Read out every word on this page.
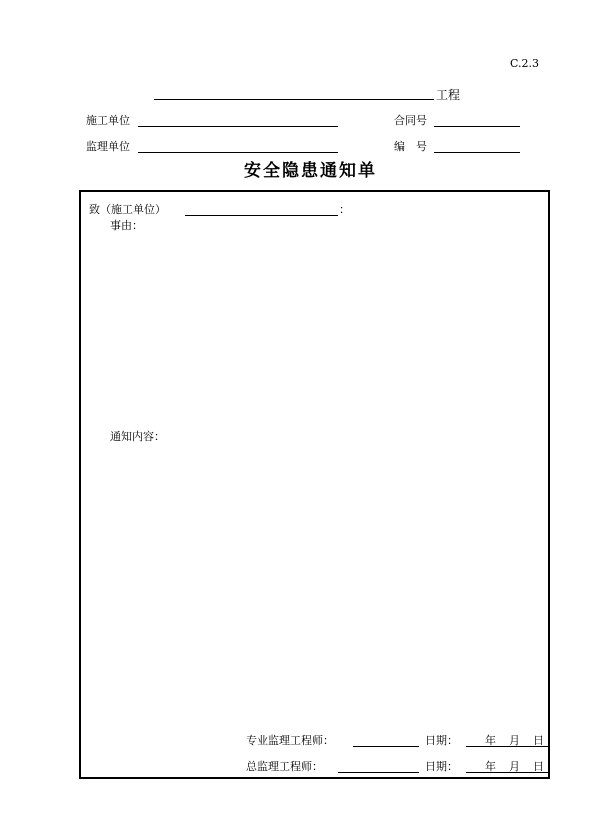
C.2.3
工程
施工单位	合同号
监理单位	编　号
安全隐患通知单
致（施工单位）	：
事由：
通知内容：
专业监理工程师：	日期： 年 月 日
总监理工程师：	日期： 年 月 日
